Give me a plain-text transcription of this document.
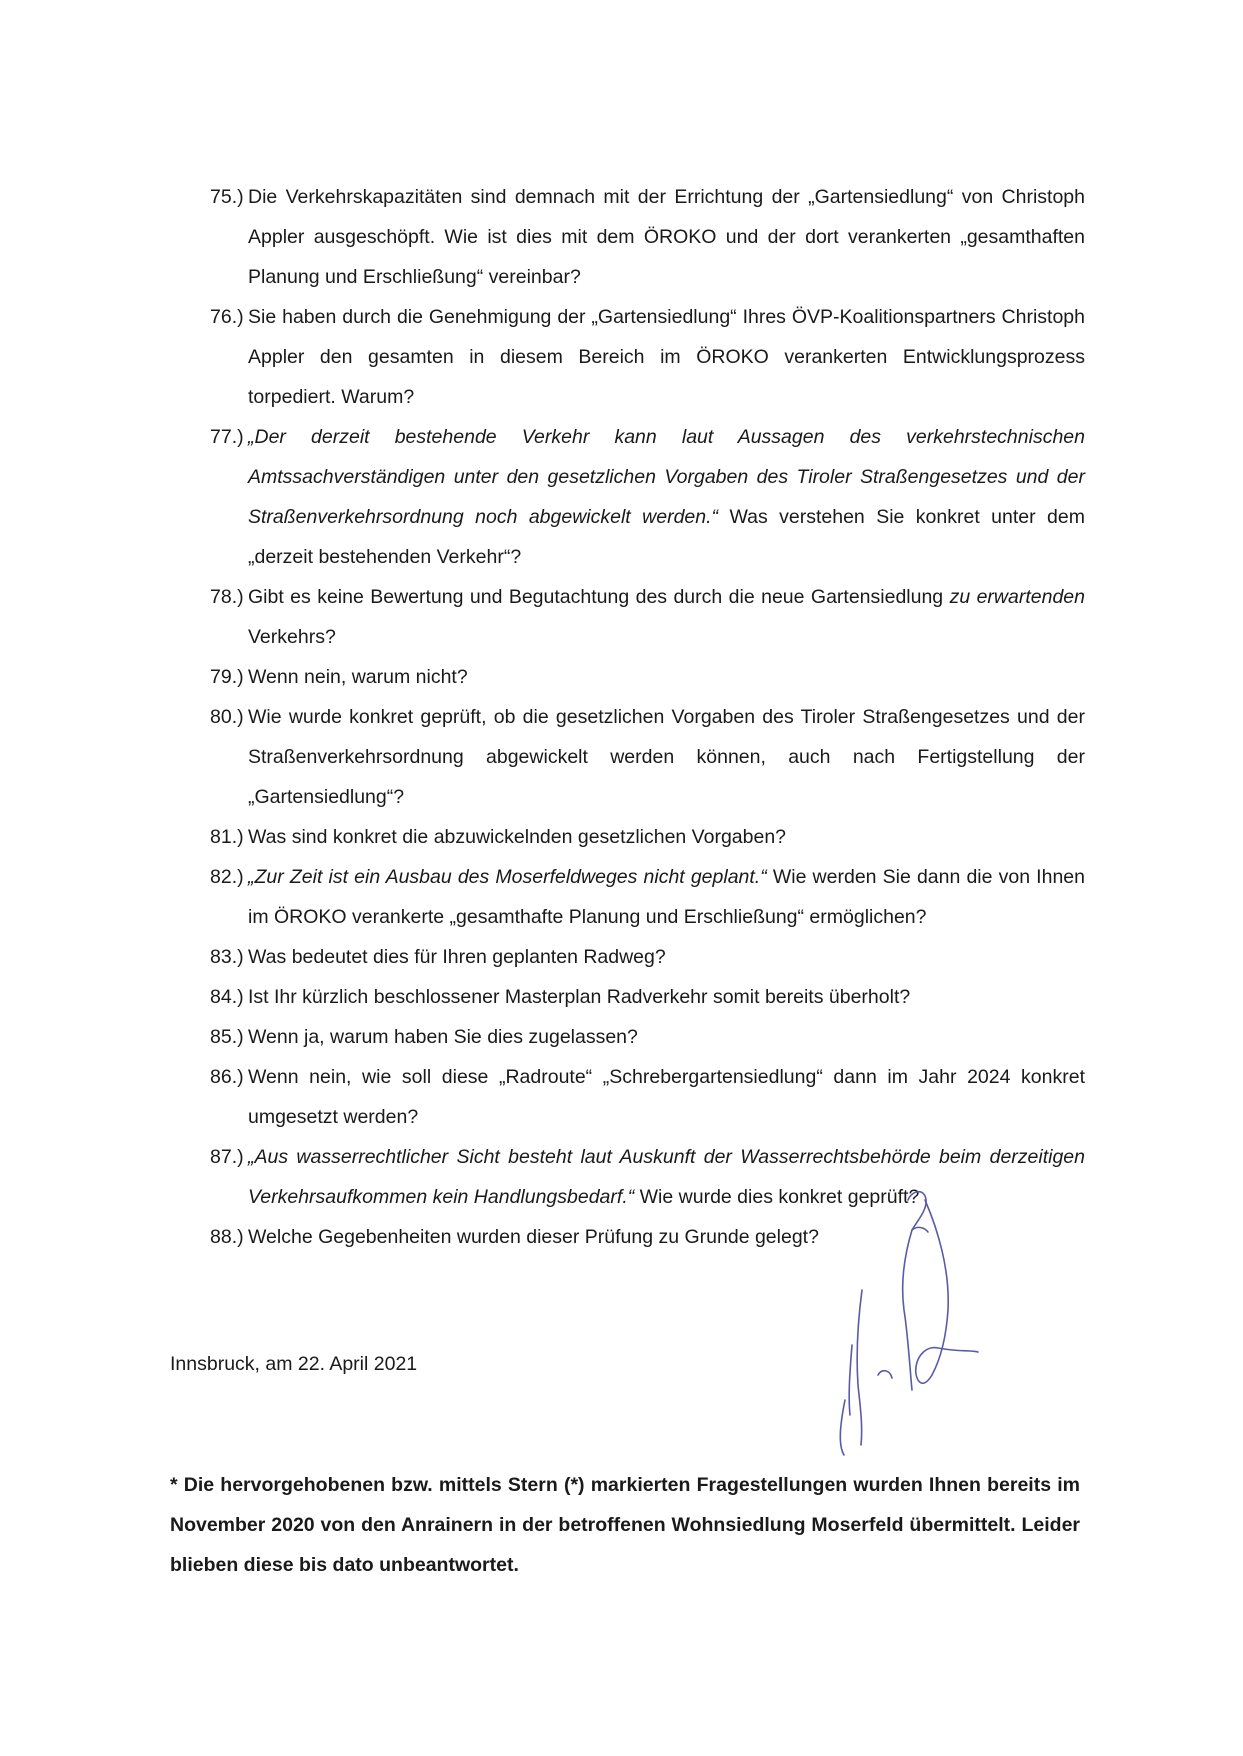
75.) Die Verkehrskapazitäten sind demnach mit der Errichtung der „Gartensiedlung“ von Christoph Appler ausgeschöpft. Wie ist dies mit dem ÖROKO und der dort verankerten „gesamthaften Planung und Erschließung“ vereinbar?
76.) Sie haben durch die Genehmigung der „Gartensiedlung“ Ihres ÖVP-Koalitionspartners Christoph Appler den gesamten in diesem Bereich im ÖROKO verankerten Entwicklungsprozess torpediert. Warum?
77.) „Der derzeit bestehende Verkehr kann laut Aussagen des verkehrstechnischen Amtssachverständigen unter den gesetzlichen Vorgaben des Tiroler Straßengesetzes und der Straßenverkehrsordnung noch abgewickelt werden.“ Was verstehen Sie konkret unter dem „derzeit bestehenden Verkehr“?
78.) Gibt es keine Bewertung und Begutachtung des durch die neue Gartensiedlung zu erwartenden Verkehrs?
79.) Wenn nein, warum nicht?
80.) Wie wurde konkret geprüft, ob die gesetzlichen Vorgaben des Tiroler Straßengesetzes und der Straßenverkehrsordnung abgewickelt werden können, auch nach Fertigstellung der „Gartensiedlung“?
81.) Was sind konkret die abzuwickelnden gesetzlichen Vorgaben?
82.) „Zur Zeit ist ein Ausbau des Moserfeldweges nicht geplant.“ Wie werden Sie dann die von Ihnen im ÖROKO verankerte „gesamthafte Planung und Erschließung“ ermöglichen?
83.) Was bedeutet dies für Ihren geplanten Radweg?
84.) Ist Ihr kürzlich beschlossener Masterplan Radverkehr somit bereits überholt?
85.) Wenn ja, warum haben Sie dies zugelassen?
86.) Wenn nein, wie soll diese „Radroute“ „Schrebergartensiedlung“ dann im Jahr 2024 konkret umgesetzt werden?
87.) „Aus wasserrechtlicher Sicht besteht laut Auskunft der Wasserrechtsbehörde beim derzeitigen Verkehrsaufkommen kein Handlungsbedarf.“ Wie wurde dies konkret geprüft?
88.) Welche Gegebenheiten wurden dieser Prüfung zu Grunde gelegt?
Innsbruck, am 22. April 2021
* Die hervorgehobenen bzw. mittels Stern (*) markierten Fragestellungen wurden Ihnen bereits im November 2020 von den Anrainern in der betroffenen Wohnsiedlung Moserfeld übermittelt. Leider blieben diese bis dato unbeantwortet.
